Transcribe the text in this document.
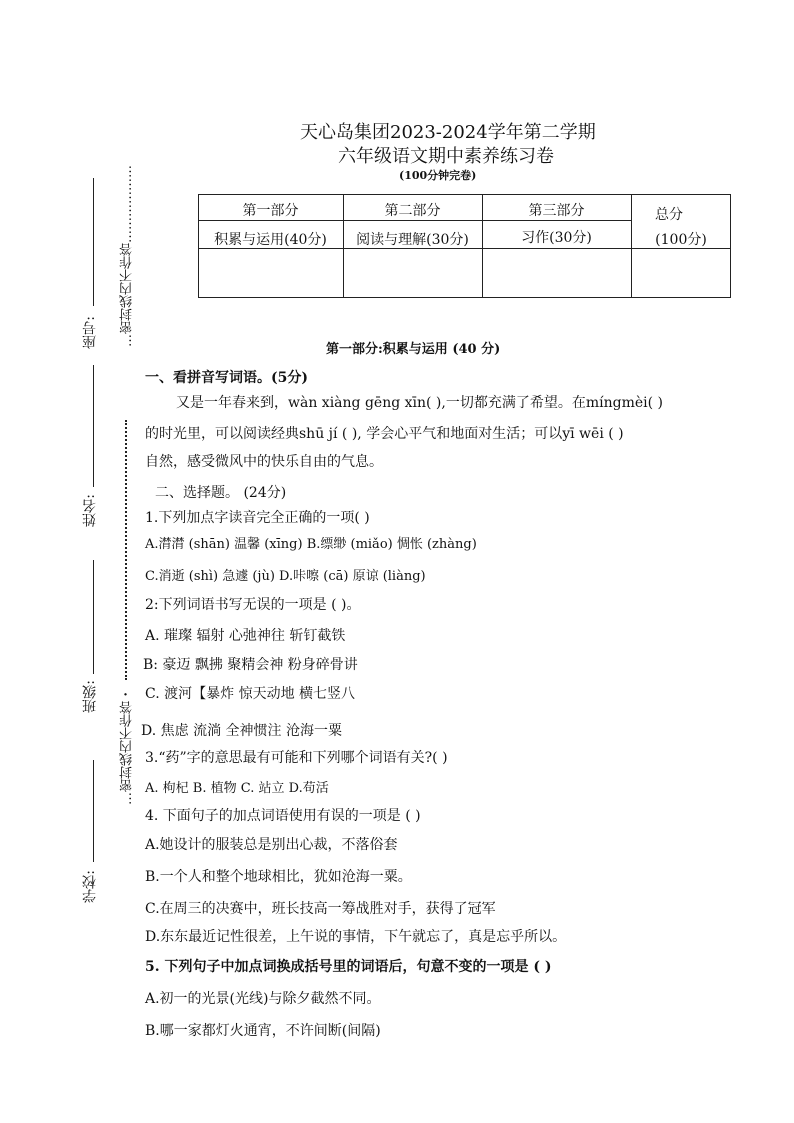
天心岛集团2023-2024学年第二学期
六年级语文期中素养练习卷
(100分钟完卷)
第一部分	第二部分	第三部分	总分
积累与运用(40分)	阅读与理解(30分)	习作(30分)	(100分)
座号:
姓名:
班级:
学校:
…密封线内不作答………………
…密封线内不作答・
第一部分:积累与运用 (40 分)
一、看拼音写词语。(5分)
又是一年春来到，wàn xiàng gēng xīn( ),一切都充满了希望。在míngmèi( )
的时光里，可以阅读经典shū jí ( ), 学会心平气和地面对生活；可以yī wēi ( )
自然，感受微风中的快乐自由的气息。
二、选择题。 (24分)
1.下列加点字读音完全正确的一项( )
A.潸潸 (shān) 温馨 (xīng) B.缥缈 (miǎo) 惆怅 (zhàng)
C.消逝 (shì) 急遽 (jù) D.咔嚓 (cā) 原谅 (liàng)
2:下列词语书写无误的一项是 ( )。
A. 璀璨 辐射 心弛神往 斩钉截铁
B: 豪迈 飘拂 聚精会神 粉身碎骨讲
C. 渡河【暴炸 惊天动地 横七竖八
D. 焦虑 流淌 全神惯注 沧海一粟
3.“药”字的意思最有可能和下列哪个词语有关?( )
A. 枸杞 B. 植物 C. 站立 D.苟活
4. 下面句子的加点词语使用有误的一项是 ( )
A.她设计的服装总是别出心裁，不落俗套
B.一个人和整个地球相比，犹如沧海一粟。
C.在周三的决赛中，班长技高一筹战胜对手，获得了冠军
D.东东最近记性很差，上午说的事情，下午就忘了，真是忘乎所以。
5. 下列句子中加点词换成括号里的词语后，句意不变的一项是 ( )
A.初一的光景(光线)与除夕截然不同。
B.哪一家都灯火通宵，不许间断(间隔)
